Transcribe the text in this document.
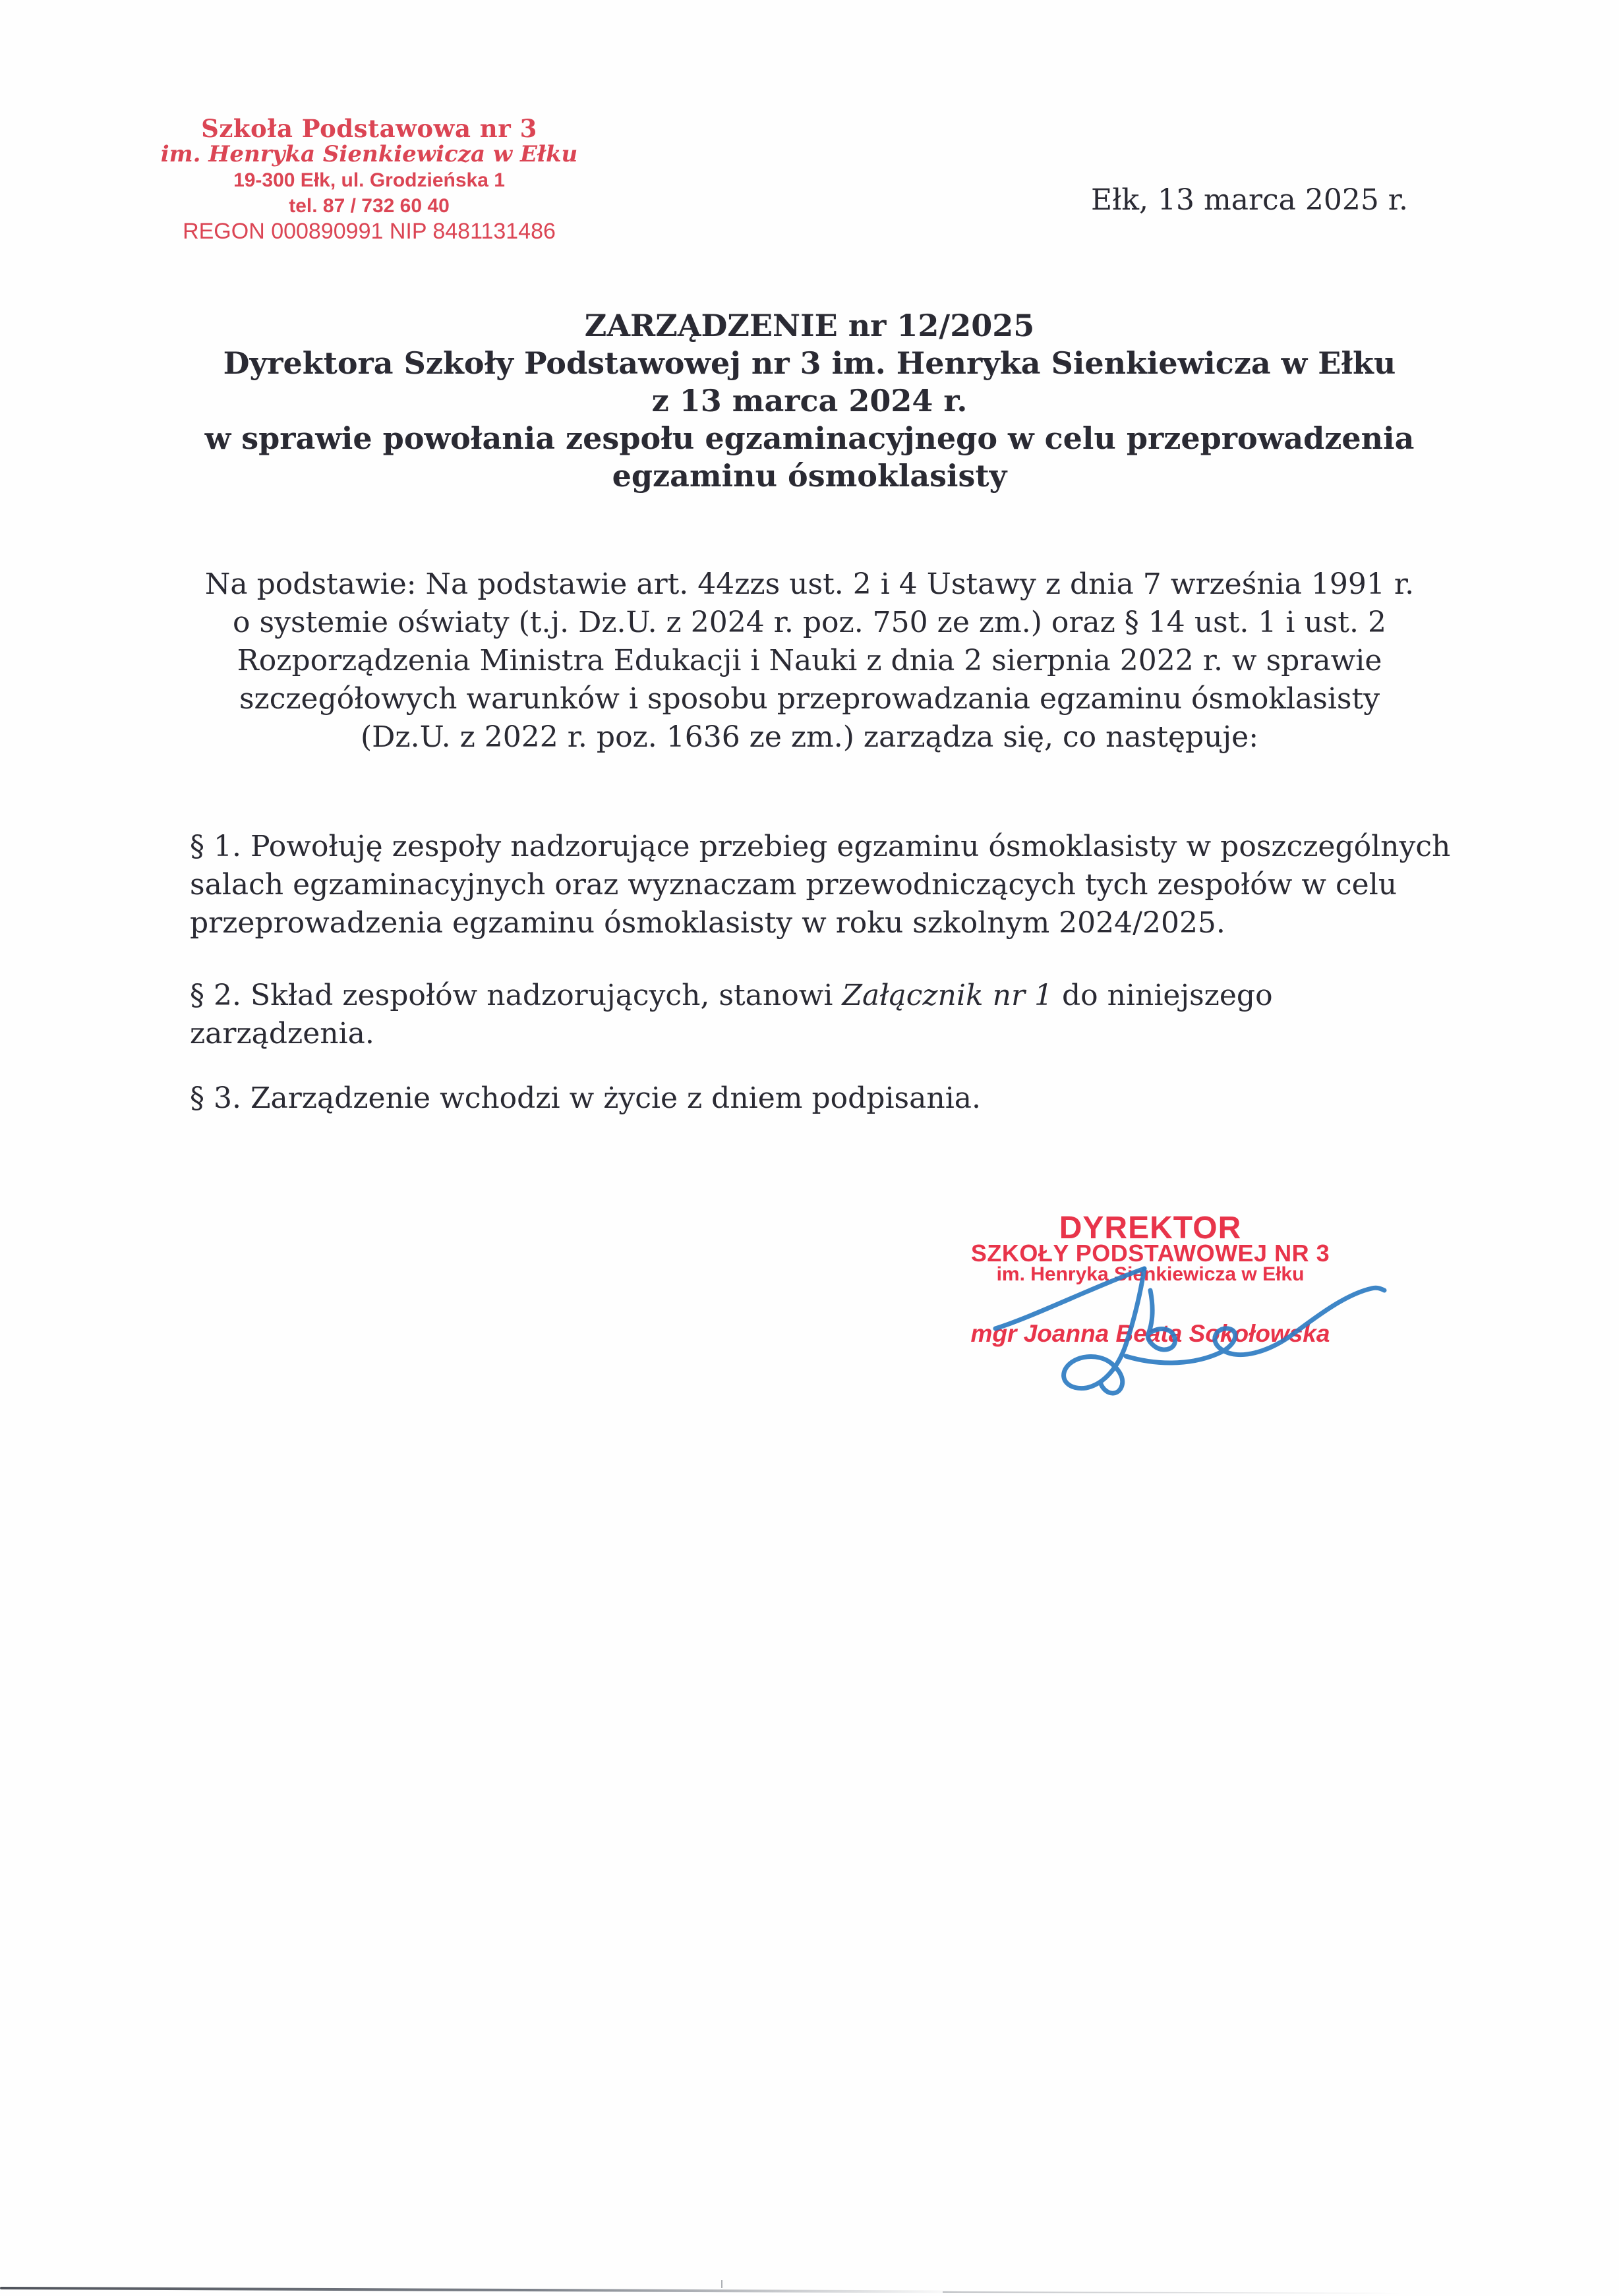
Szkoła Podstawowa nr 3
im. Henryka Sienkiewicza w Ełku
19-300 Ełk, ul. Grodzieńska 1
tel. 87 / 732 60 40
REGON 000890991 NIP 8481131486
Ełk, 13 marca 2025 r.
ZARZĄDZENIE nr 12/2025
Dyrektora Szkoły Podstawowej nr 3 im. Henryka Sienkiewicza w Ełku
z 13 marca 2024 r.
w sprawie powołania zespołu egzaminacyjnego w celu przeprowadzenia
egzaminu ósmoklasisty
Na podstawie: Na podstawie art. 44zzs ust. 2 i 4 Ustawy z dnia 7 września 1991 r.
o systemie oświaty (t.j. Dz.U. z 2024 r. poz. 750 ze zm.) oraz § 14 ust. 1 i ust. 2
Rozporządzenia Ministra Edukacji i Nauki z dnia 2 sierpnia 2022 r. w sprawie
szczegółowych warunków i sposobu przeprowadzania egzaminu ósmoklasisty
(Dz.U. z 2022 r. poz. 1636 ze zm.) zarządza się, co następuje:
§ 1. Powołuję zespoły nadzorujące przebieg egzaminu ósmoklasisty w poszczególnych
salach egzaminacyjnych oraz wyznaczam przewodniczących tych zespołów w celu
przeprowadzenia egzaminu ósmoklasisty w roku szkolnym 2024/2025.
§ 2. Skład zespołów nadzorujących, stanowi Załącznik nr 1 do niniejszego
zarządzenia.
§ 3. Zarządzenie wchodzi w życie z dniem podpisania.
DYREKTOR
SZKOŁY PODSTAWOWEJ NR 3
im. Henryka Sienkiewicza w Ełku
mgr Joanna Beata Sokołowska
